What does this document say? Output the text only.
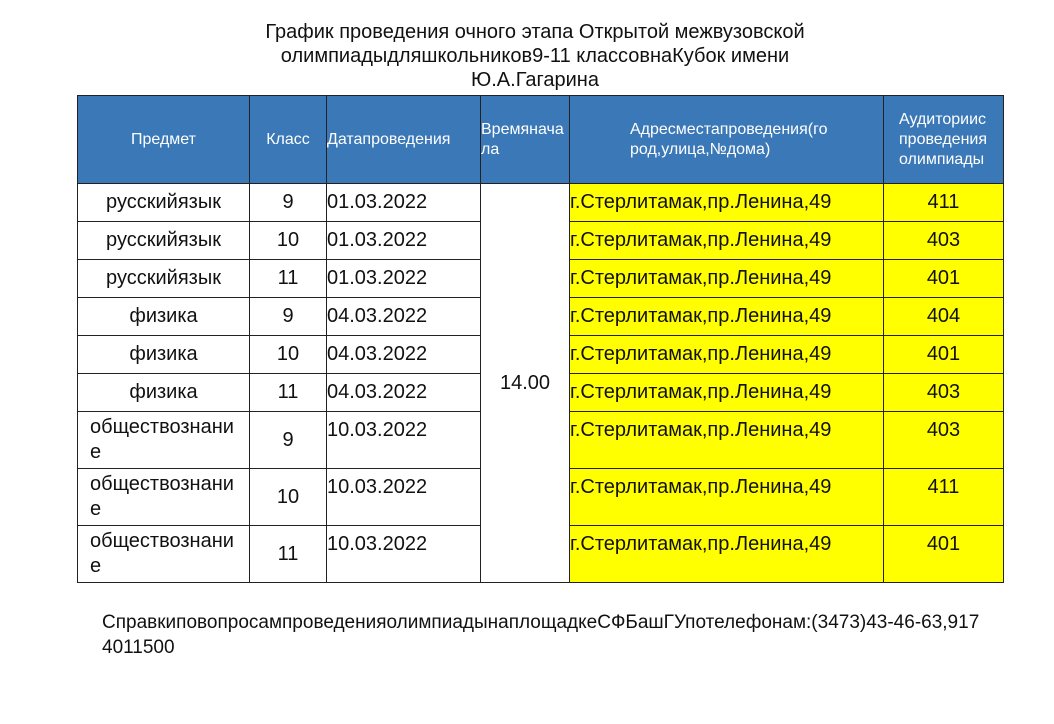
График проведения очного этапа Открытой межвузовской
олимпиадыдляшкольников9-11 классовнаКубок имени
Ю.А.Гагарина
Предмет	Класс	Датапроведения	Времяначала	Адресместапроведения(город,улица,№дома)	Аудиторииспроведенияолимпиады

русскийязык	9	01.03.2022	14.00	г.Стерлитамак,пр.Ленина,49	411
русскийязык	10	01.03.2022		г.Стерлитамак,пр.Ленина,49	403
русскийязык	11	01.03.2022		г.Стерлитамак,пр.Ленина,49	401
физика	9	04.03.2022		г.Стерлитамак,пр.Ленина,49	404
физика	10	04.03.2022		г.Стерлитамак,пр.Ленина,49	401
физика	11	04.03.2022		г.Стерлитамак,пр.Ленина,49	403
обществознание	9	10.03.2022		г.Стерлитамак,пр.Ленина,49	403
обществознание	10	10.03.2022		г.Стерлитамак,пр.Ленина,49	411
обществознание	11	10.03.2022		г.Стерлитамак,пр.Ленина,49	401
СправкиповопросампроведенияолимпиадынаплощадкеСФБашГУпотелефонам:(3473)43-46-63,9174011500
